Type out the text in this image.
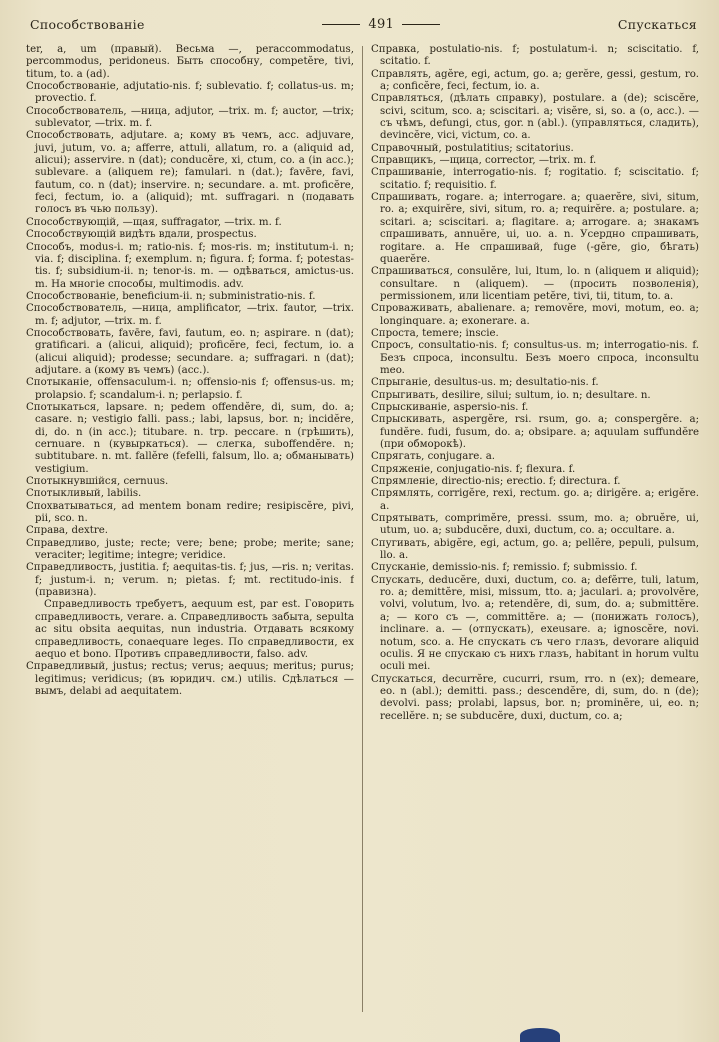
Способствованіе	491	Спускаться
ter, a, um (правый). Весьма —, peraccommodatus, percommodus, peridoneus. Быть способну, competĕre, tivi, titum, to. a (ad).
Способствованіе, adjutatio-nis. f; sublevatio. f; collatus-us. m; provectio. f.
Способствователь, —ница, adjutor, —trix. m. f; auctor, —trix; sublevator, —trix. m. f.
Способствовать, adjutare. a; кому въ чемъ, acc. adjuvare, juvi, jutum, vo. a; afferre, attuli, allatum, ro. a (aliquid ad, alicui); asservire. n (dat); conducĕre, xi, ctum, co. a (in acc.); sublevare. a (aliquem re); famulari. n (dat.); favēre, favi, fautum, co. n (dat); inservire. n; secundare. a. mt. proficĕre, feci, fectum, io. a (aliquid); mt. suffragari. n (подавать голосъ въ чью пользу).
Способствующій, —щая, suffragator, —trix. m. f.
Способствующій видѣть вдали, prospectus.
Способъ, modus-i. m; ratio-nis. f; mos-ris. m; institutum-i. n; via. f; disciplina. f; exemplum. n; figura. f; forma. f; potestas-tis. f; subsidium-ii. n; tenor-is. m. — одѣваться, amictus-us. m. На многіе способы, multimodis. adv.
Способствованіе, beneficium-ii. n; subministratio-nis. f.
Способствователь, —ница, amplificator, —trix. fautor, —trix. m. f; adjutor, —trix. m. f.
Способствовать, favēre, favi, fautum, eo. n; aspirare. n (dat); gratificari. a (alicui, aliquid); proficĕre, feci, fectum, io. a (alicui aliquid); prodesse; secundare. a; suffragari. n (dat); adjutare. a (кому въ чемъ) (acc.).
Спотыканіе, offensaculum-i. n; offensio-nis f; offensus-us. m; prolapsio. f; scandalum-i. n; perlapsio. f.
Спотыкаться, lapsare. n; pedem offendĕre, di, sum, do. a; casare. n; vestigio falli. pass.; labi, lapsus, bor. n; incidĕre, di, do. n (in acc.); titubare. n. trp. peccare. n (грѣшить), cernuare. n (кувыркаться). — слегка, suboffendĕre. n; subtitubare. n. mt. fallĕre (fefelli, falsum, llo. a; обманывать) vestigium.
Спотыкнувшійся, cernuus.
Спотыкливый, labilis.
Спохватываться, ad mentem bonam redire; resipiscĕre, pivi, pii, sco. n.
Справа, dextre.
Справедливо, juste; recte; vere; bene; probe; merite; sane; veraciter; legitime; integre; veridice.
Справедливость, justitia. f; aequitas-tis. f; jus, —ris. n; veritas. f; justum-i. n; verum. n; pietas. f; mt. rectitudo-inis. f (правизна).
Справедливость требуетъ, aequum est, par est. Говорить справедливость, verare. a. Справедливость забыта, sepulta ac situ obsita aequitas, nun industria. Отдавать всякому справедливость, conaequare leges. По справедливости, ex aequo et bono. Противъ справедливости, falso. adv.
Справедливый, justus; rectus; verus; aequus; meritus; purus; legitimus; veridicus; (въ юридич. см.) utilis. Сдѣлаться —вымъ, delabi ad aequitatem.
Справка, postulatio-nis. f; postulatum-i. n; sciscitatio. f, scitatio. f.
Справлять, agĕre, egi, actum, go. a; gerĕre, gessi, gestum, ro. a; conficĕre, feci, fectum, io. a.
Справляться, (дѣлать справку), postulare. a (de); sciscĕre, scivi, scitum, sco. a; sciscitari. a; visĕre, si, so. a (о, acc.). — съ чѣмъ, defungi, ctus, gor. n (abl.). (управляться, сладить), devincĕre, vici, victum, co. a.
Справочный, postulatitius; scitatorius.
Справщикъ, —щица, corrector, —trix. m. f.
Спрашиваніе, interrogatio-nis. f; rogitatio. f; sciscitatio. f; scitatio. f; requisitio. f.
Спрашивать, rogare. a; interrogare. a; quaerĕre, sivi, situm, ro. a; exquirĕre, sivi, situm, ro. a; requirĕre. a; postulare. a; scitari. a; sciscitari. a; flagitare. a; arrogare. a; знакамъ спрашивать, annuĕre, ui, uo. a. n. Усердно спрашивать, rogitare. a. Не спрашивай, fuge (-gĕre, gio, бѣгать) quaerĕre.
Спрашиваться, consulĕre, lui, ltum, lo. n (aliquem и aliquid); consultare. n (aliquem). — (просить позволенія), permissionem, или licentiam petĕre, tivi, tii, titum, to. a.
Спроваживать, abalienare. a; removĕre, movi, motum, eo. a; longinquare. a; exonerare. a.
Спроста, temere; inscie.
Спросъ, consultatio-nis. f; consultus-us. m; interrogatio-nis. f. Безъ спроса, inconsultu. Безъ моего спроса, inconsultu meo.
Спрыганіе, desultus-us. m; desultatio-nis. f.
Спрыгивать, desilire, silui; sultum, io. n; desultare. n.
Спрыскиваніе, aspersio-nis. f.
Спрыскивать, aspergĕre, rsi. rsum, go. a; conspergĕre. a; fundĕre. fudi, fusum, do. a; obsipare. a; aquulam suffundĕre (при обморокѣ).
Спрягать, conjugare. a.
Спряженіе, conjugatio-nis. f; flexura. f.
Спрямленіе, directio-nis; erectio. f; directura. f.
Спрямлять, corrigĕre, rexi, rectum. go. a; dirigĕre. a; erigĕre. a.
Спрятывать, comprimĕre, pressi. ssum, mo. a; obruĕre, ui, utum, uo. a; subducĕre, duxi, ductum, co. a; occultare. a.
Спугивать, abigĕre, egi, actum, go. a; pellĕre, pepuli, pulsum, llo. a.
Спусканіе, demissio-nis. f; remissio. f; submissio. f.
Спускать, deducĕre, duxi, ductum, co. a; defĕrre, tuli, latum, ro. a; demittĕre, misi, missum, tto. a; jaculari. a; provolvĕre, volvi, volutum, lvo. a; retendĕre, di, sum, do. a; submittĕre. a; — кого съ —, committĕre. a; — (понижать голосъ), inclinare. a. — (отпускать), exeusare. a; ignoscĕre, novi. notum, sco. a. Не спускать съ чего глазъ, devorare aliquid oculis. Я не спускаю съ нихъ глазъ, habitant in horum vultu oculi mei.
Спускаться, decurrĕre, cucurri, rsum, rro. n (ex); demeare, eo. n (abl.); demitti. pass.; descendĕre, di, sum, do. n (de); devolvi. pass; prolabi, lapsus, bor. n; prominĕre, ui, eo. n; recellĕre. n; se subducĕre, duxi, ductum, co. a;
